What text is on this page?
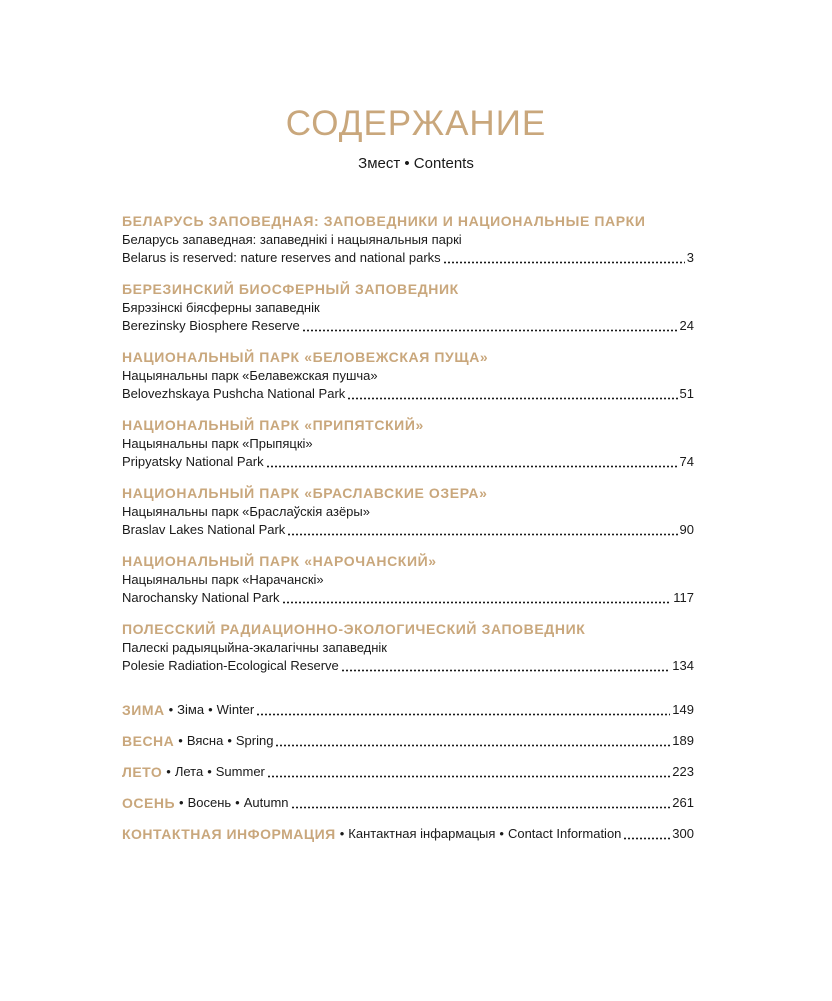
СОДЕРЖАНИЕ
Змест • Contents
БЕЛАРУСЬ ЗАПОВЕДНАЯ: ЗАПОВЕДНИКИ И НАЦИОНАЛЬНЫЕ ПАРКИ
Беларусь запаведная: запаведнікі і нацыянальныя паркі
Belarus is reserved: nature reserves and national parks	3
БЕРЕЗИНСКИЙ БИОСФЕРНЫЙ ЗАПОВЕДНИК
Бярэзінскі біясферны запаведнік
Berezinsky Biosphere Reserve	24
НАЦИОНАЛЬНЫЙ ПАРК «БЕЛОВЕЖСКАЯ ПУЩА»
Нацыянальны парк «Белавежская пушча»
Belovezhskaya Pushcha National Park	51
НАЦИОНАЛЬНЫЙ ПАРК «ПРИПЯТСКИЙ»
Нацыянальны парк «Прыпяцкі»
Pripyatsky National Park	74
НАЦИОНАЛЬНЫЙ ПАРК «БРАСЛАВСКИЕ ОЗЕРА»
Нацыянальны парк «Браслаўскія азёры»
Braslav Lakes National Park	90
НАЦИОНАЛЬНЫЙ ПАРК «НАРОЧАНСКИЙ»
Нацыянальны парк «Нарачанскі»
Narochansky National Park	117
ПОЛЕССКИЙ РАДИАЦИОННО-ЭКОЛОГИЧЕСКИЙ ЗАПОВЕДНИК
Палескі радыяцыйна-экалагічны запаведнік
Polesie Radiation-Ecological Reserve	134
ЗИМА • Зіма • Winter	149
ВЕСНА • Вясна • Spring	189
ЛЕТО • Лета • Summer	223
ОСЕНЬ • Восень • Autumn	261
КОНТАКТНАЯ ИНФОРМАЦИЯ • Кантактная інфармацыя • Contact Information	300
